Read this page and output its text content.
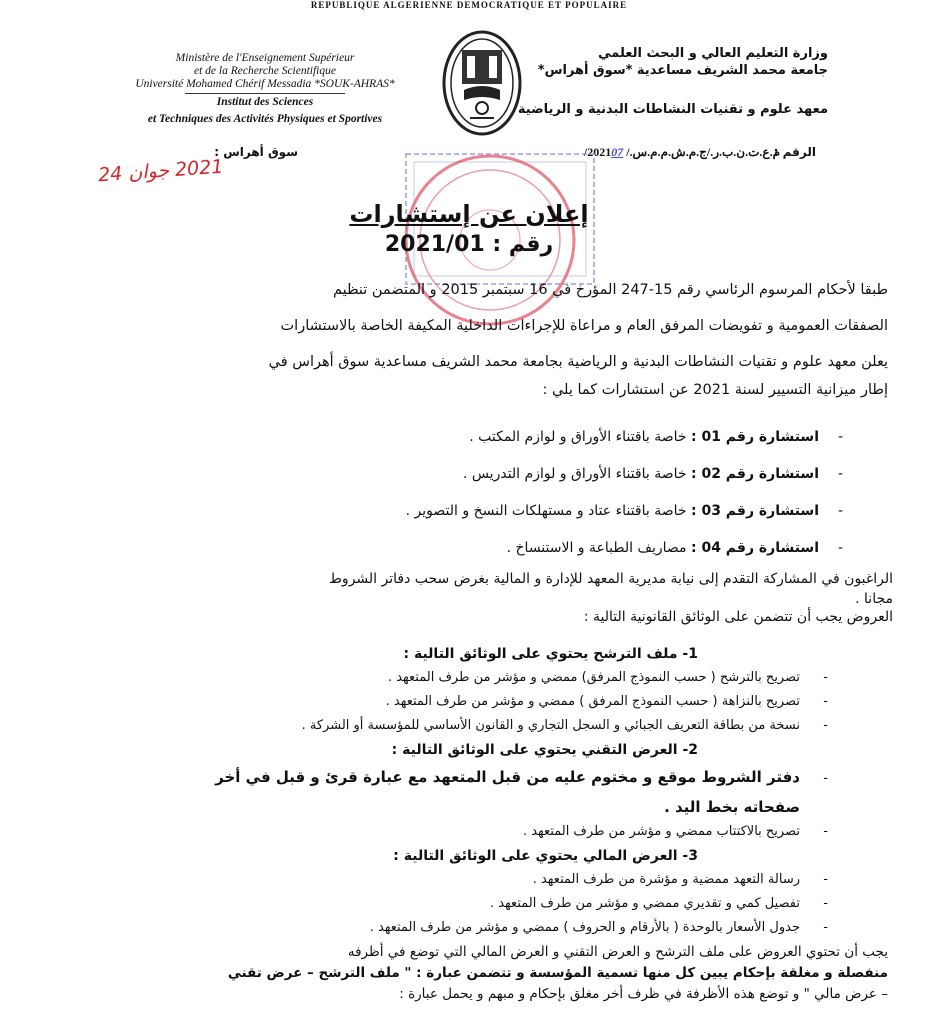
REPUBLIQUE ALGERIENNE DEMOCRATIQUE ET POPULAIRE
Ministère de l'Enseignement Supérieur
et de la Recherche Scientifique
Université Mohamed Chérif Messadia *SOUK-AHRAS*
Institut des Sciences
et Techniques des Activités Physiques et Sportives
وزارة التعليم العالي و البحث العلمي
جامعة محمد الشريف مساعدية *سوق أهراس*
معهد علوم و تقنيات النشاطات البدنية و الرياضية
الرقم :
/م.ع.ت.ن.ب.ر./ج.م.ش.م.م.س./ 202107
سوق أهراس :
2021 جوان 24
إعلان عن إستشارات
رقم : 2021/01

طبقا لأحكام المرسوم الرئاسي رقم 15-247 المؤرخ في 16 سبتمبر 2015 و المتضمن تنظيم

الصفقات العمومية و تفويضات المرفق العام و مراعاة للإجراءات الداخلية المكيفة الخاصة بالاستشارات

يعلن معهد علوم و تقنيات النشاطات البدنية و الرياضية بجامعة محمد الشريف مساعدية سوق أهراس في

إطار ميزانية التسيير لسنة 2021 عن استشارات كما يلي :

-استشارة رقم 01 : خاصة باقتناء الأوراق و لوازم المكتب .
-استشارة رقم 02 : خاصة باقتناء الأوراق و لوازم التدريس .
-استشارة رقم 03 : خاصة باقتناء عتاد و مستهلكات النسخ و التصوير .
-استشارة رقم 04 : مصاريف الطباعة و الاستنساخ .

الراغبون في المشاركة التقدم إلى نيابة مديرية المعهد للإدارة و المالية بغرض سحب دفاتر الشروط

مجانا .

العروض يجب أن تتضمن على الوثائق القانونية التالية :

1- ملف الترشح يحتوي على الوثائق التالية :
-تصريح بالترشح ( حسب النموذج المرفق) ممضي و مؤشر من طرف المتعهد .
-تصريح بالنزاهة ( حسب النموذج المرفق ) ممضي و مؤشر من طرف المتعهد .
-نسخة من بطاقة التعريف الجبائي و السجل التجاري و القانون الأساسي للمؤسسة أو الشركة .
2- العرض التقني يحتوي على الوثائق التالية :
-دفتر الشروط موقع و مختوم عليه من قبل المتعهد مع عبارة قرئ و قبل في أخر
صفحاته بخط اليد .
-تصريح بالاكتتاب ممضي و مؤشر من طرف المتعهد .
3- العرض المالي يحتوي على الوثائق التالية :
-رسالة التعهد ممضية و مؤشرة من طرف المتعهد .
-تفصيل كمي و تقديري ممضي و مؤشر من طرف المتعهد .
-جدول الأسعار بالوحدة ( بالأرقام و الحروف ) ممضي و مؤشر من طرف المتعهد .

يجب أن تحتوي العروض على ملف الترشح و العرض التقني و العرض المالي التي توضع في أظرفه

منفصلة و مغلقة بإحكام يبين كل منها تسمية المؤسسة و تتضمن عبارة : " ملف الترشح – عرض تقني

– عرض مالي " و توضع هذه الأظرفة في ظرف أخر مغلق بإحكام و مبهم و يحمل عبارة :
